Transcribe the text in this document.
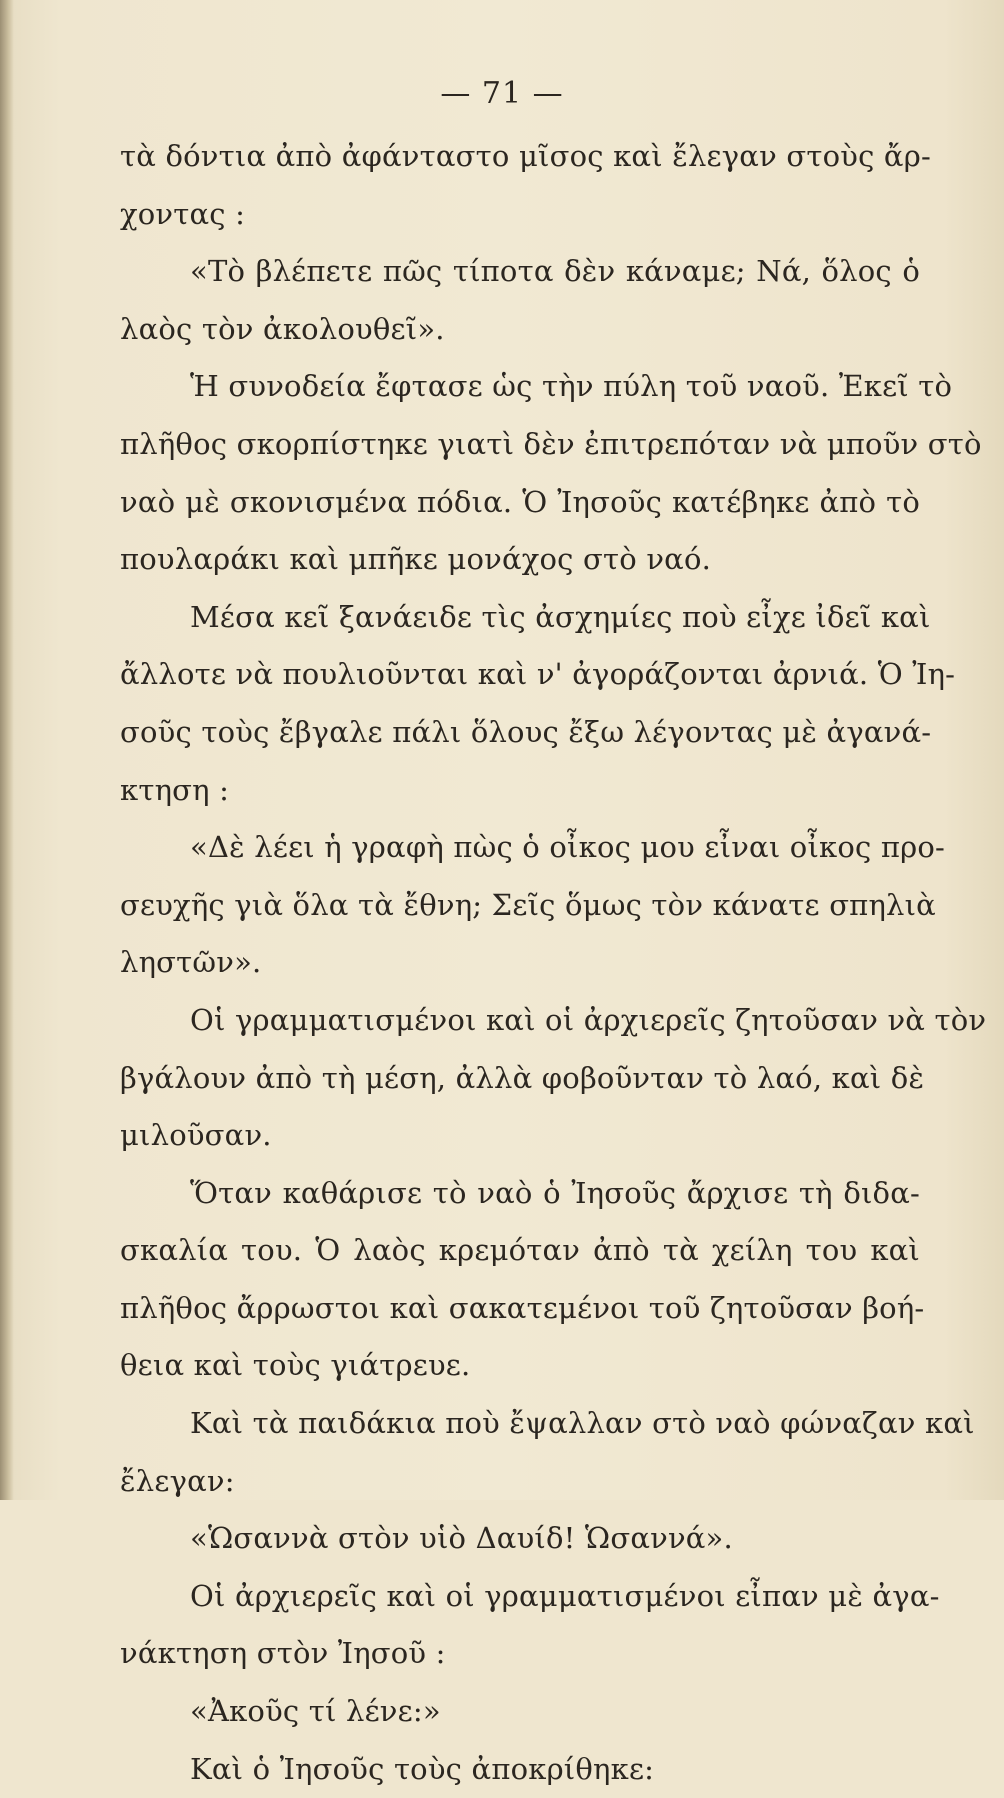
— 71 —
τὰ δόντια ἀπὸ ἀφάνταστο μῖσος καὶ ἔλεγαν στοὺς ἄρ-
χοντας :
«Τὸ βλέπετε πῶς τίποτα δὲν κάναμε; Νά, ὅλος ὁ
λαὸς τὸν ἀκολουθεῖ».
Ἡ συνοδεία ἔφτασε ὡς τὴν πύλη τοῦ ναοῦ. Ἐκεῖ τὸ
πλῆθος σκορπίστηκε γιατὶ δὲν ἐπιτρεπόταν νὰ μποῦν στὸ
ναὸ μὲ σκονισμένα πόδια. Ὁ Ἰησοῦς κατέβηκε ἀπὸ τὸ
πουλαράκι καὶ μπῆκε μονάχος στὸ ναό.
Μέσα κεῖ ξανάειδε τὶς ἀσχημίες ποὺ εἶχε ἰδεῖ καὶ
ἄλλοτε νὰ πουλιοῦνται καὶ ν' ἀγοράζονται ἀρνιά. Ὁ Ἰη-
σοῦς τοὺς ἔβγαλε πάλι ὅλους ἔξω λέγοντας μὲ ἀγανά-
κτηση :
«Δὲ λέει ἡ γραφὴ πὼς ὁ οἶκος μου εἶναι οἶκος προ-
σευχῆς γιὰ ὅλα τὰ ἔθνη; Σεῖς ὅμως τὸν κάνατε σπηλιὰ
ληστῶν».
Οἱ γραμματισμένοι καὶ οἱ ἀρχιερεῖς ζητοῦσαν νὰ τὸν
βγάλουν ἀπὸ τὴ μέση, ἀλλὰ φοβοῦνταν τὸ λαό, καὶ δὲ
μιλοῦσαν.
Ὅταν καθάρισε τὸ ναὸ ὁ Ἰησοῦς ἄρχισε τὴ διδα-
σκαλία του. Ὁ λαὸς κρεμόταν ἀπὸ τὰ χείλη του καὶ
πλῆθος ἄρρωστοι καὶ σακατεμένοι τοῦ ζητοῦσαν βοή-
θεια καὶ τοὺς γιάτρευε.
Καὶ τὰ παιδάκια ποὺ ἔψαλλαν στὸ ναὸ φώναζαν καὶ
ἔλεγαν:
«Ὡσαννὰ στὸν υἱὸ Δαυίδ! Ὡσαννά».
Οἱ ἀρχιερεῖς καὶ οἱ γραμματισμένοι εἶπαν μὲ ἀγα-
νάκτηση στὸν Ἰησοῦ :
«Ἀκοῦς τί λένε:»
Καὶ ὁ Ἰησοῦς τοὺς ἀποκρίθηκε:
